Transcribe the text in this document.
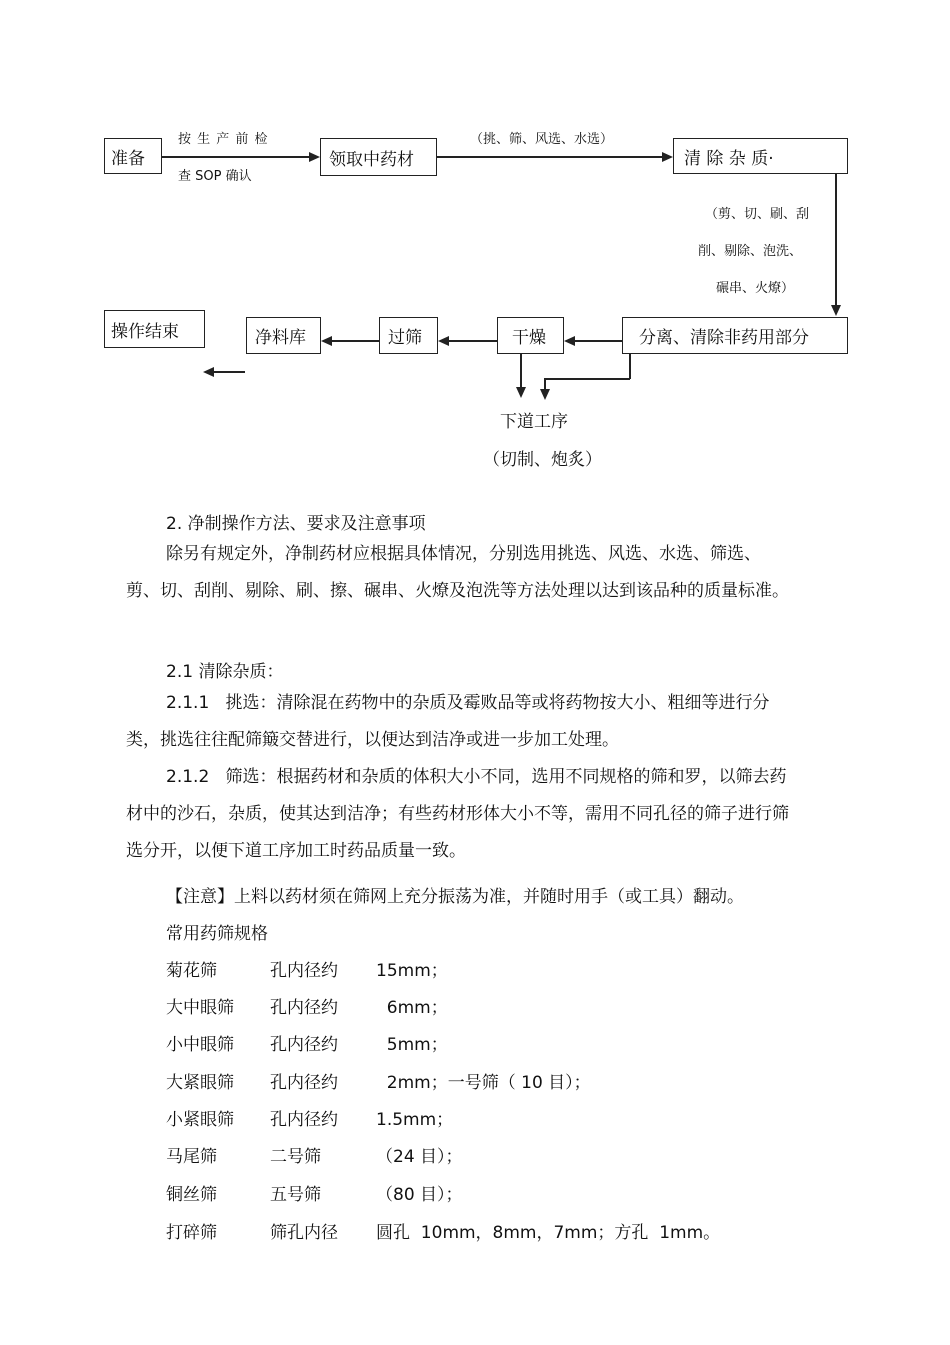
准备
按 生 产 前 检
查 SOP 确认
领取中药材
（挑、筛、风选、水选）
清 除 杂 质·
（剪、切、刷、刮
削、剔除、泡洗、
碾串、火燎）
分离、清除非药用部分
干燥
过筛
净料库
操作结束
下道工序
（切制、炮炙）
2. 净制操作方法、要求及注意事项
除另有规定外，净制药材应根据具体情况，分别选用挑选、风选、水选、筛选、剪、切、刮削、剔除、刷、擦、碾串、火燎及泡洗等方法处理以达到该品种的质量标准。
2.1 清除杂质：
2.1.1   挑选：清除混在药物中的杂质及霉败品等或将药物按大小、粗细等进行分类，挑选往往配筛簸交替进行，以便达到洁净或进一步加工处理。
2.1.2   筛选：根据药材和杂质的体积大小不同，选用不同规格的筛和罗，以筛去药材中的沙石，杂质，使其达到洁净；有些药材形体大小不等，需用不同孔径的筛子进行筛选分开，以便下道工序加工时药品质量一致。
【注意】上料以药材须在筛网上充分振荡为准，并随时用手（或工具）翻动。
常用药筛规格
菊花筛	孔内径约 15mm；
大中眼筛 孔内径约 6mm；
小中眼筛 孔内径约 5mm；
大紧眼筛 孔内径约 2mm；一号筛（ 10 目）；
小紧眼筛 孔内径约 1.5mm；
马尾筛	二号筛	（24 目）；
铜丝筛	五号筛	（80 目）；
打碎筛	筛孔内径 圆孔  10mm，8mm，7mm；方孔  1mm。
